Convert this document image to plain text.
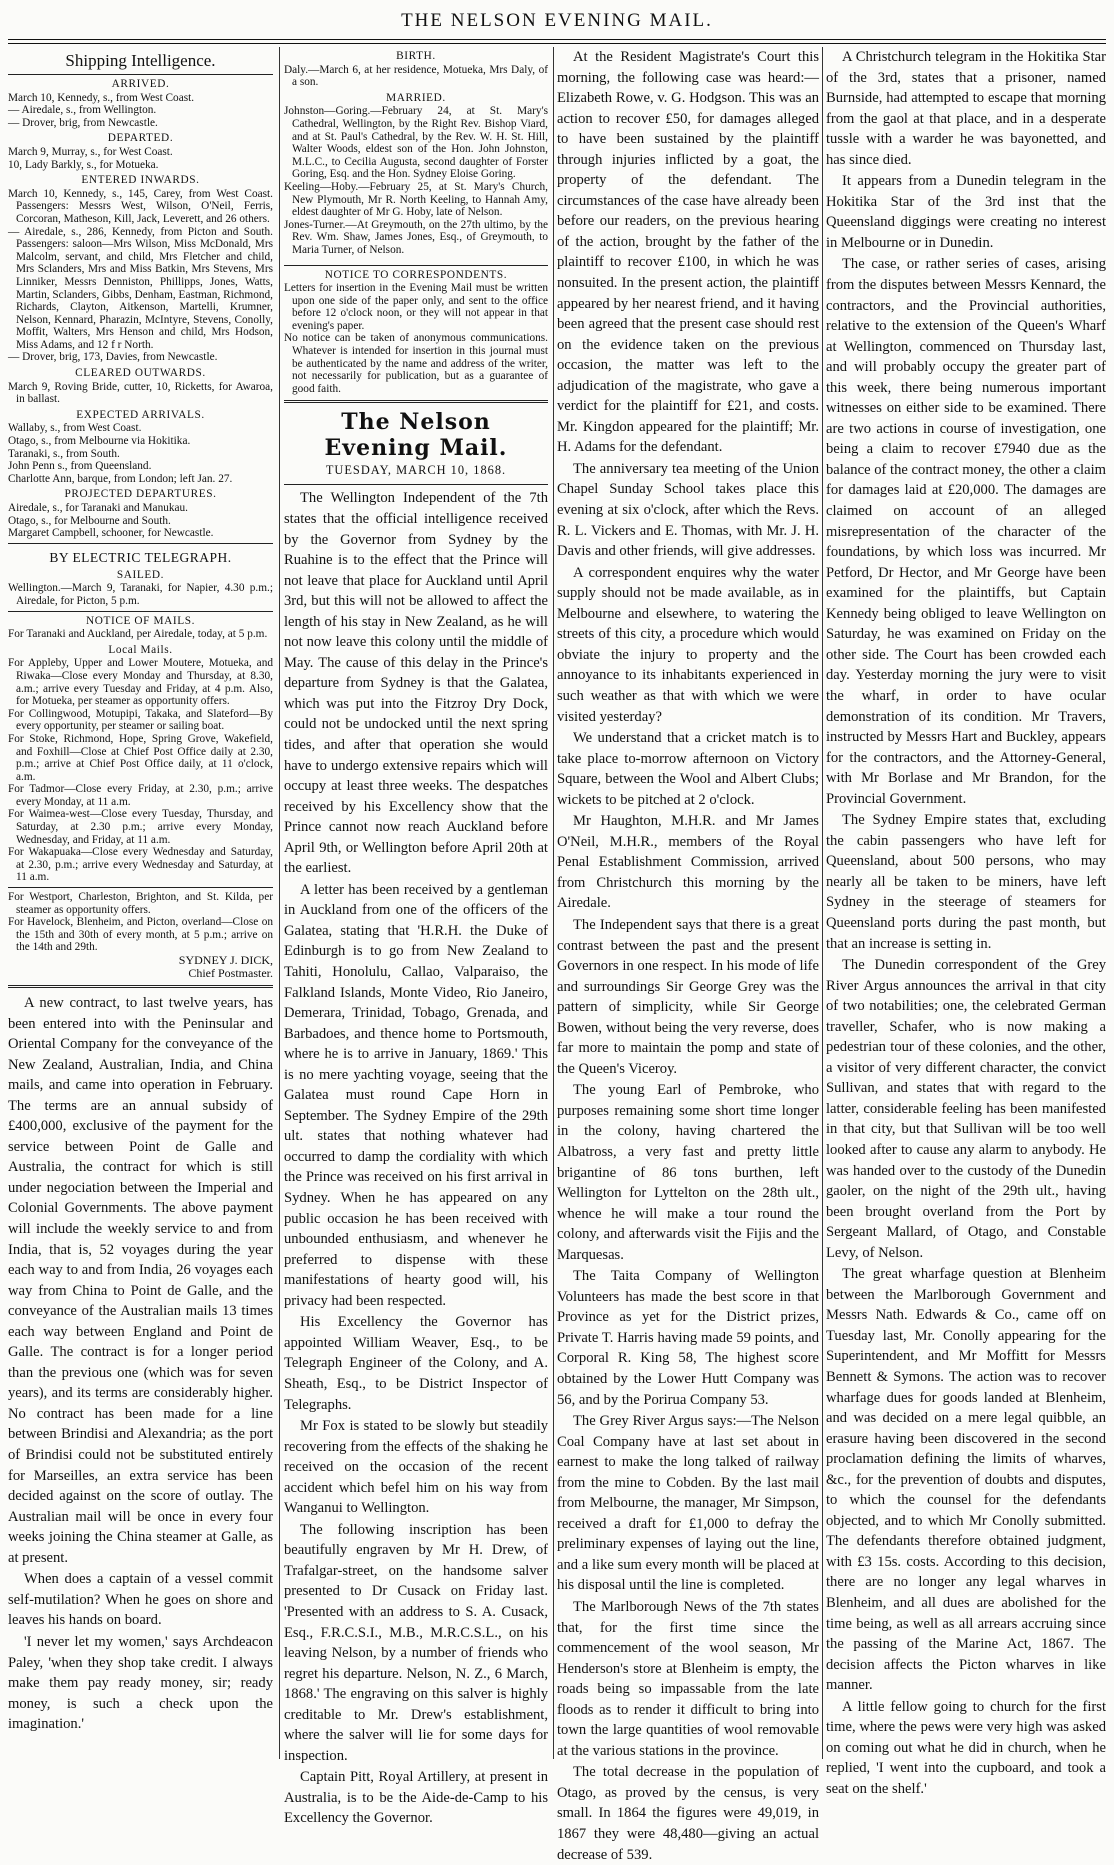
THE NELSON EVENING MAIL.
Shipping Intelligence.
ARRIVED.

March 10, Kennedy, s., from West Coast.

— Airedale, s., from Wellington.

— Drover, brig, from Newcastle.

DEPARTED.

March 9, Murray, s., for West Coast.

10, Lady Barkly, s., for Motueka.

ENTERED INWARDS.

March 10, Kennedy, s., 145, Carey, from West Coast. Passengers: Messrs West, Wilson, O'Neil, Ferris, Corcoran, Matheson, Kill, Jack, Leverett, and 26 others.

— Airedale, s., 286, Kennedy, from Picton and South. Passengers: saloon—Mrs Wilson, Miss McDonald, Mrs Malcolm, servant, and child, Mrs Fletcher and child, Mrs Sclanders, Mrs and Miss Batkin, Mrs Stevens, Mrs Linniker, Messrs Denniston, Phillipps, Jones, Watts, Martin, Sclanders, Gibbs, Denham, Eastman, Richmond, Richards, Clayton, Aitkenson, Martelli, Krumner, Nelson, Kennard, Pharazin, McIntyre, Stevens, Conolly, Moffit, Walters, Mrs Henson and child, Mrs Hodson, Miss Adams, and 12 f r North.

— Drover, brig, 173, Davies, from Newcastle.

CLEARED OUTWARDS.

March 9, Roving Bride, cutter, 10, Ricketts, for Awaroa, in ballast.

EXPECTED ARRIVALS.

Wallaby, s., from West Coast.

Otago, s., from Melbourne via Hokitika.

Taranaki, s., from South.

John Penn s., from Queensland.

Charlotte Ann, barque, from London; left Jan. 27.

PROJECTED DEPARTURES.

Airedale, s., for Taranaki and Manukau.

Otago, s., for Melbourne and South.

Margaret Campbell, schooner, for Newcastle.

BY ELECTRIC TELEGRAPH.
SAILED.

Wellington.—March 9, Taranaki, for Napier, 4.30 p.m.; Airedale, for Picton, 5 p.m.

NOTICE OF MAILS.

For Taranaki and Auckland, per Airedale, today, at 5 p.m.

Local Mails.

For Appleby, Upper and Lower Moutere, Motueka, and Riwaka—Close every Monday and Thursday, at 8.30, a.m.; arrive every Tuesday and Friday, at 4 p.m. Also, for Motueka, per steamer as opportunity offers.

For Collingwood, Motupipi, Takaka, and Slateford—By every opportunity, per steamer or sailing boat.

For Stoke, Richmond, Hope, Spring Grove, Wakefield, and Foxhill—Close at Chief Post Office daily at 2.30, p.m.; arrive at Chief Post Office daily, at 11 o'clock, a.m.

For Tadmor—Close every Friday, at 2.30, p.m.; arrive every Monday, at 11 a.m.

For Waimea-west—Close every Tuesday, Thursday, and Saturday, at 2.30 p.m.; arrive every Monday, Wednesday, and Friday, at 11 a.m.

For Wakapuaka—Close every Wednesday and Saturday, at 2.30, p.m.; arrive every Wednesday and Saturday, at 11 a.m.

For Westport, Charleston, Brighton, and St. Kilda, per steamer as opportunity offers.

For Havelock, Blenheim, and Picton, overland—Close on the 15th and 30th of every month, at 5 p.m.; arrive on the 14th and 29th.

SYDNEY J. DICK,
Chief Postmaster.

A new contract, to last twelve years, has been entered into with the Peninsular and Oriental Company for the conveyance of the New Zealand, Australian, India, and China mails, and came into operation in February. The terms are an annual subsidy of £400,000, exclusive of the payment for the service between Point de Galle and Australia, the contract for which is still under negociation between the Imperial and Colonial Governments. The above payment will include the weekly service to and from India, that is, 52 voyages during the year each way to and from India, 26 voyages each way from China to Point de Galle, and the conveyance of the Australian mails 13 times each way between England and Point de Galle. The contract is for a longer period than the previous one (which was for seven years), and its terms are considerably higher. No contract has been made for a line between Brindisi and Alexandria; as the port of Brindisi could not be substituted entirely for Marseilles, an extra service has been decided against on the score of outlay. The Australian mail will be once in every four weeks joining the China steamer at Galle, as at present.

When does a captain of a vessel commit self-mutilation? When he goes on shore and leaves his hands on board.

'I never let my women,' says Archdeacon Paley, 'when they shop take credit. I always make them pay ready money, sir; ready money, is such a check upon the imagination.'

BIRTH.

Daly.—March 6, at her residence, Motueka, Mrs Daly, of a son.

MARRIED.

Johnston—Goring.—February 24, at St. Mary's Cathedral, Wellington, by the Right Rev. Bishop Viard, and at St. Paul's Cathedral, by the Rev. W. H. St. Hill, Walter Woods, eldest son of the Hon. John Johnston, M.L.C., to Cecilia Augusta, second daughter of Forster Goring, Esq. and the Hon. Sydney Eloise Goring.

Keeling—Hoby.—February 25, at St. Mary's Church, New Plymouth, Mr R. North Keeling, to Hannah Amy, eldest daughter of Mr G. Hoby, late of Nelson.

Jones-Turner.—At Greymouth, on the 27th ultimo, by the Rev. Wm. Shaw, James Jones, Esq., of Greymouth, to Maria Turner, of Nelson.

NOTICE TO CORRESPONDENTS.

Letters for insertion in the Evening Mail must be written upon one side of the paper only, and sent to the office before 12 o'clock noon, or they will not appear in that evening's paper.

No notice can be taken of anonymous communications. Whatever is intended for insertion in this journal must be authenticated by the name and address of the writer, not necessarily for publication, but as a guarantee of good faith.

The Nelson Evening Mail.
TUESDAY, MARCH 10, 1868.

The Wellington Independent of the 7th states that the official intelligence received by the Governor from Sydney by the Ruahine is to the effect that the Prince will not leave that place for Auckland until April 3rd, but this will not be allowed to affect the length of his stay in New Zealand, as he will not now leave this colony until the middle of May. The cause of this delay in the Prince's departure from Sydney is that the Galatea, which was put into the Fitzroy Dry Dock, could not be undocked until the next spring tides, and after that operation she would have to undergo extensive repairs which will occupy at least three weeks. The despatches received by his Excellency show that the Prince cannot now reach Auckland before April 9th, or Wellington before April 20th at the earliest.

A letter has been received by a gentleman in Auckland from one of the officers of the Galatea, stating that 'H.R.H. the Duke of Edinburgh is to go from New Zealand to Tahiti, Honolulu, Callao, Valparaiso, the Falkland Islands, Monte Video, Rio Janeiro, Demerara, Trinidad, Tobago, Grenada, and Barbadoes, and thence home to Portsmouth, where he is to arrive in January, 1869.' This is no mere yachting voyage, seeing that the Galatea must round Cape Horn in September. The Sydney Empire of the 29th ult. states that nothing whatever had occurred to damp the cordiality with which the Prince was received on his first arrival in Sydney. When he has appeared on any public occasion he has been received with unbounded enthusiasm, and whenever he preferred to dispense with these manifestations of hearty good will, his privacy had been respected.

His Excellency the Governor has appointed William Weaver, Esq., to be Telegraph Engineer of the Colony, and A. Sheath, Esq., to be District Inspector of Telegraphs.

Mr Fox is stated to be slowly but steadily recovering from the effects of the shaking he received on the occasion of the recent accident which befel him on his way from Wanganui to Wellington.

The following inscription has been beautifully engraven by Mr H. Drew, of Trafalgar-street, on the handsome salver presented to Dr Cusack on Friday last. 'Presented with an address to S. A. Cusack, Esq., F.R.C.S.I., M.B., M.R.C.S.L., on his leaving Nelson, by a number of friends who regret his departure. Nelson, N. Z., 6 March, 1868.' The engraving on this salver is highly creditable to Mr. Drew's establishment, where the salver will lie for some days for inspection.

Captain Pitt, Royal Artillery, at present in Australia, is to be the Aide-de-Camp to his Excellency the Governor.

At the Resident Magistrate's Court this morning, the following case was heard:—Elizabeth Rowe, v. G. Hodgson. This was an action to recover £50, for damages alleged to have been sustained by the plaintiff through injuries inflicted by a goat, the property of the defendant. The circumstances of the case have already been before our readers, on the previous hearing of the action, brought by the father of the plaintiff to recover £100, in which he was nonsuited. In the present action, the plaintiff appeared by her nearest friend, and it having been agreed that the present case should rest on the evidence taken on the previous occasion, the matter was left to the adjudication of the magistrate, who gave a verdict for the plaintiff for £21, and costs. Mr. Kingdon appeared for the plaintiff; Mr. H. Adams for the defendant.

The anniversary tea meeting of the Union Chapel Sunday School takes place this evening at six o'clock, after which the Revs. R. L. Vickers and E. Thomas, with Mr. J. H. Davis and other friends, will give addresses.

A correspondent enquires why the water supply should not be made available, as in Melbourne and elsewhere, to watering the streets of this city, a procedure which would obviate the injury to property and the annoyance to its inhabitants experienced in such weather as that with which we were visited yesterday?

We understand that a cricket match is to take place to-morrow afternoon on Victory Square, between the Wool and Albert Clubs; wickets to be pitched at 2 o'clock.

Mr Haughton, M.H.R. and Mr James O'Neil, M.H.R., members of the Royal Penal Establishment Commission, arrived from Christchurch this morning by the Airedale.

The Independent says that there is a great contrast between the past and the present Governors in one respect. In his mode of life and surroundings Sir George Grey was the pattern of simplicity, while Sir George Bowen, without being the very reverse, does far more to maintain the pomp and state of the Queen's Viceroy.

The young Earl of Pembroke, who purposes remaining some short time longer in the colony, having chartered the Albatross, a very fast and pretty little brigantine of 86 tons burthen, left Wellington for Lyttelton on the 28th ult., whence he will make a tour round the colony, and afterwards visit the Fijis and the Marquesas.

The Taita Company of Wellington Volunteers has made the best score in that Province as yet for the District prizes, Private T. Harris having made 59 points, and Corporal R. King 58, The highest score obtained by the Lower Hutt Company was 56, and by the Porirua Company 53.

The Grey River Argus says:—The Nelson Coal Company have at last set about in earnest to make the long talked of railway from the mine to Cobden. By the last mail from Melbourne, the manager, Mr Simpson, received a draft for £1,000 to defray the preliminary expenses of laying out the line, and a like sum every month will be placed at his disposal until the line is completed.

The Marlborough News of the 7th states that, for the first time since the commencement of the wool season, Mr Henderson's store at Blenheim is empty, the roads being so impassable from the late floods as to render it difficult to bring into town the large quantities of wool removable at the various stations in the province.

The total decrease in the population of Otago, as proved by the census, is very small. In 1864 the figures were 49,019, in 1867 they were 48,480—giving an actual decrease of 539.

A Christchurch telegram in the Hokitika Star of the 3rd, states that a prisoner, named Burnside, had attempted to escape that morning from the gaol at that place, and in a desperate tussle with a warder he was bayonetted, and has since died.

It appears from a Dunedin telegram in the Hokitika Star of the 3rd inst that the Queensland diggings were creating no interest in Melbourne or in Dunedin.

The case, or rather series of cases, arising from the disputes between Messrs Kennard, the contractors, and the Provincial authorities, relative to the extension of the Queen's Wharf at Wellington, commenced on Thursday last, and will probably occupy the greater part of this week, there being numerous important witnesses on either side to be examined. There are two actions in course of investigation, one being a claim to recover £7940 due as the balance of the contract money, the other a claim for damages laid at £20,000. The damages are claimed on account of an alleged misrepresentation of the character of the foundations, by which loss was incurred. Mr Petford, Dr Hector, and Mr George have been examined for the plaintiffs, but Captain Kennedy being obliged to leave Wellington on Saturday, he was examined on Friday on the other side. The Court has been crowded each day. Yesterday morning the jury were to visit the wharf, in order to have ocular demonstration of its condition. Mr Travers, instructed by Messrs Hart and Buckley, appears for the contractors, and the Attorney-General, with Mr Borlase and Mr Brandon, for the Provincial Government.

The Sydney Empire states that, excluding the cabin passengers who have left for Queensland, about 500 persons, who may nearly all be taken to be miners, have left Sydney in the steerage of steamers for Queensland ports during the past month, but that an increase is setting in.

The Dunedin correspondent of the Grey River Argus announces the arrival in that city of two notabilities; one, the celebrated German traveller, Schafer, who is now making a pedestrian tour of these colonies, and the other, a visitor of very different character, the convict Sullivan, and states that with regard to the latter, considerable feeling has been manifested in that city, but that Sullivan will be too well looked after to cause any alarm to anybody. He was handed over to the custody of the Dunedin gaoler, on the night of the 29th ult., having been brought overland from the Port by Sergeant Mallard, of Otago, and Constable Levy, of Nelson.

The great wharfage question at Blenheim between the Marlborough Government and Messrs Nath. Edwards & Co., came off on Tuesday last, Mr. Conolly appearing for the Superintendent, and Mr Moffitt for Messrs Bennett & Symons. The action was to recover wharfage dues for goods landed at Blenheim, and was decided on a mere legal quibble, an erasure having been discovered in the second proclamation defining the limits of wharves, &c., for the prevention of doubts and disputes, to which the counsel for the defendants objected, and to which Mr Conolly submitted. The defendants therefore obtained judgment, with £3 15s. costs. According to this decision, there are no longer any legal wharves in Blenheim, and all dues are abolished for the time being, as well as all arrears accruing since the passing of the Marine Act, 1867. The decision affects the Picton wharves in like manner.

A little fellow going to church for the first time, where the pews were very high was asked on coming out what he did in church, when he replied, 'I went into the cupboard, and took a seat on the shelf.'
